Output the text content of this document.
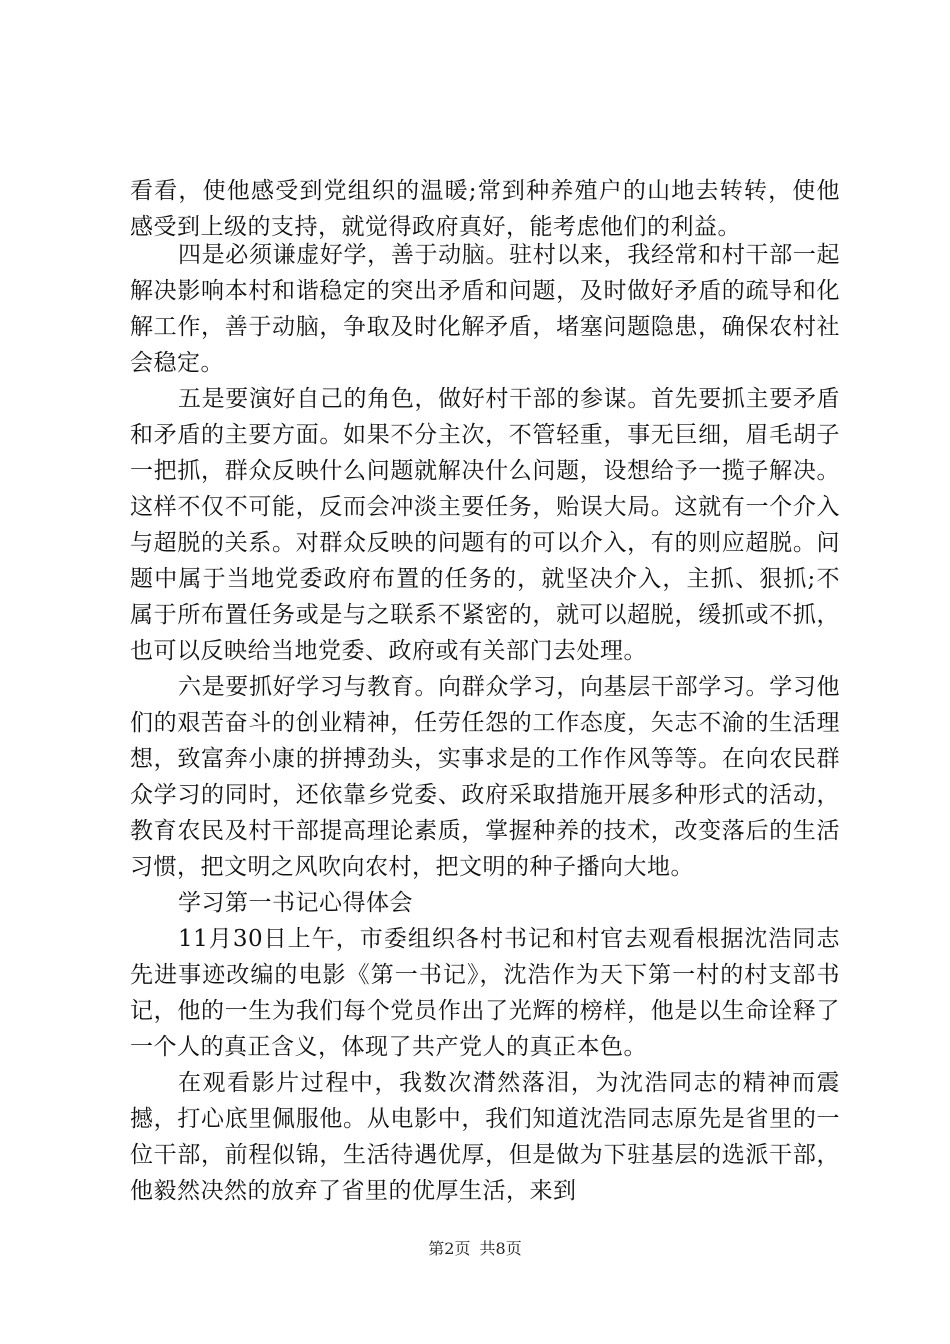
看看，使他感受到党组织的温暖;常到种养殖户的山地去转转，使他感受到上级的支持，就觉得政府真好，能考虑他们的利益。

四是必须谦虚好学，善于动脑。驻村以来，我经常和村干部一起解决影响本村和谐稳定的突出矛盾和问题，及时做好矛盾的疏导和化解工作，善于动脑，争取及时化解矛盾，堵塞问题隐患，确保农村社会稳定。

五是要演好自己的角色，做好村干部的参谋。首先要抓主要矛盾和矛盾的主要方面。如果不分主次，不管轻重，事无巨细，眉毛胡子一把抓，群众反映什么问题就解决什么问题，设想给予一揽子解决。这样不仅不可能，反而会冲淡主要任务，贻误大局。这就有一个介入与超脱的关系。对群众反映的问题有的可以介入，有的则应超脱。问题中属于当地党委政府布置的任务的，就坚决介入，主抓、狠抓;不属于所布置任务或是与之联系不紧密的，就可以超脱，缓抓或不抓，也可以反映给当地党委、政府或有关部门去处理。

六是要抓好学习与教育。向群众学习，向基层干部学习。学习他们的艰苦奋斗的创业精神，任劳任怨的工作态度，矢志不渝的生活理想，致富奔小康的拼搏劲头，实事求是的工作作风等等。在向农民群众学习的同时，还依靠乡党委、政府采取措施开展多种形式的活动，教育农民及村干部提高理论素质，掌握种养的技术，改变落后的生活习惯，把文明之风吹向农村，把文明的种子播向大地。

学习第一书记心得体会

11月30日上午，市委组织各村书记和村官去观看根据沈浩同志先进事迹改编的电影《第一书记》，沈浩作为天下第一村的村支部书记，他的一生为我们每个党员作出了光辉的榜样，他是以生命诠释了一个人的真正含义，体现了共产党人的真正本色。

在观看影片过程中，我数次潸然落泪，为沈浩同志的精神而震撼，打心底里佩服他。从电影中，我们知道沈浩同志原先是省里的一位干部，前程似锦，生活待遇优厚，但是做为下驻基层的选派干部，他毅然决然的放弃了省里的优厚生活，来到

第2页 共8页
